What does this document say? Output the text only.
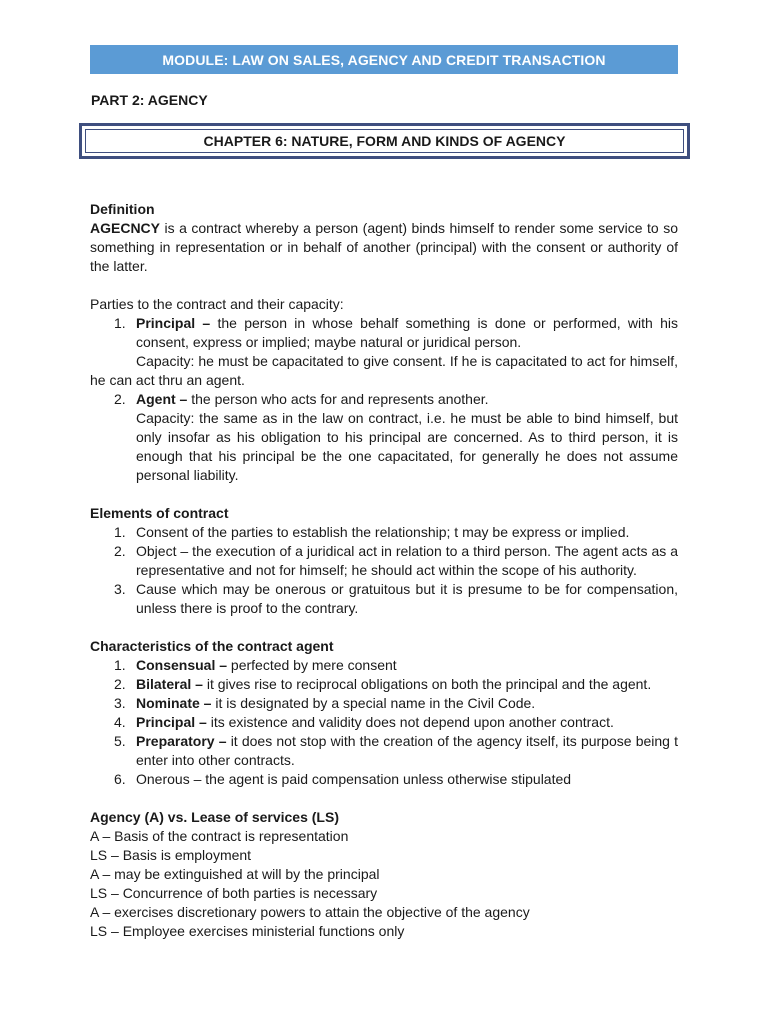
MODULE: LAW ON SALES, AGENCY AND CREDIT TRANSACTION
PART 2: AGENCY
CHAPTER 6: NATURE, FORM AND KINDS OF AGENCY
Definition

AGECNCY is a contract whereby a person (agent) binds himself to render some service to so something in representation or in behalf of another (principal) with the consent or authority of the latter.

Parties to the contract and their capacity:
1. Principal – the person in whose behalf something is done or performed, with his consent, express or implied; maybe natural or juridical person.
Capacity: he must be capacitated to give consent. If he is capacitated to act for himself, he can act thru an agent.
2. Agent – the person who acts for and represents another.
Capacity: the same as in the law on contract, i.e. he must be able to bind himself, but only insofar as his obligation to his principal are concerned. As to third person, it is enough that his principal be the one capacitated, for generally he does not assume personal liability.
Elements of contract
1. Consent of the parties to establish the relationship; t may be express or implied.
2. Object – the execution of a juridical act in relation to a third person. The agent acts as a representative and not for himself; he should act within the scope of his authority.
3. Cause which may be onerous or gratuitous but it is presume to be for compensation, unless there is proof to the contrary.
Characteristics of the contract agent
1. Consensual – perfected by mere consent
2. Bilateral – it gives rise to reciprocal obligations on both the principal and the agent.
3. Nominate – it is designated by a special name in the Civil Code.
4. Principal – its existence and validity does not depend upon another contract.
5. Preparatory – it does not stop with the creation of the agency itself, its purpose being t enter into other contracts.
6. Onerous – the agent is paid compensation unless otherwise stipulated
Agency (A) vs. Lease of services (LS)
A – Basis of the contract is representation
LS – Basis is employment
A – may be extinguished at will by the principal
LS – Concurrence of both parties is necessary
A – exercises discretionary powers to attain the objective of the agency
LS – Employee exercises ministerial functions only
